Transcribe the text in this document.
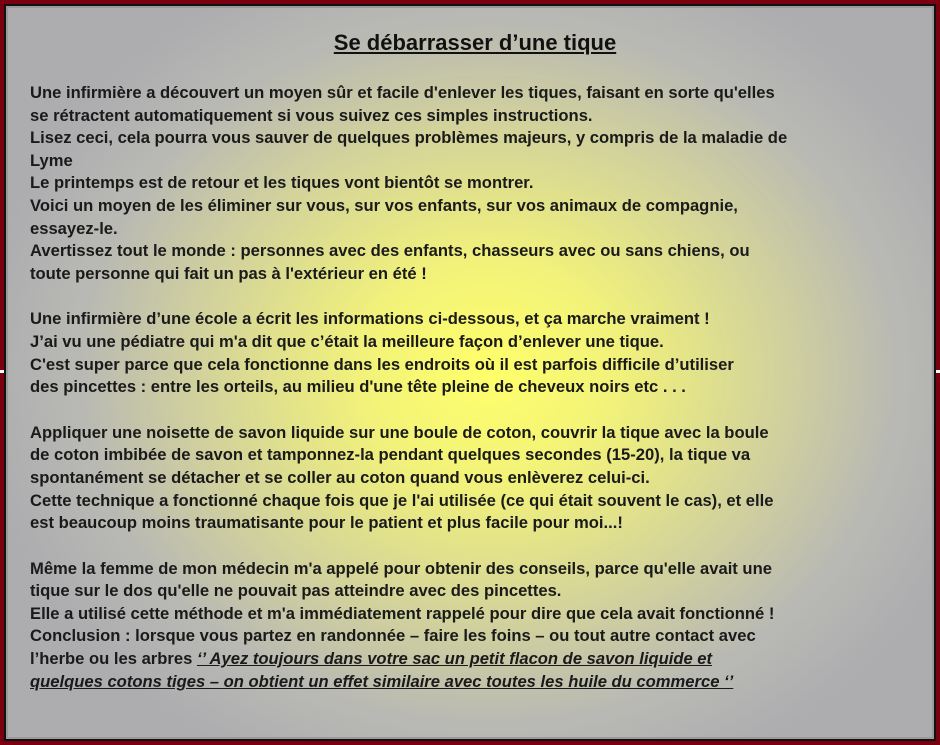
Se débarrasser d’une tique
Une infirmière a découvert un moyen sûr et facile d'enlever les tiques, faisant en sorte qu'elles
se rétractent automatiquement si vous suivez ces simples instructions.
Lisez ceci, cela pourra vous sauver de quelques problèmes majeurs, y compris de la maladie de
Lyme
Le printemps est de retour et les tiques vont bientôt se montrer.
Voici un moyen de les éliminer sur vous, sur vos enfants, sur vos animaux de compagnie,
essayez-le.
Avertissez tout le monde : personnes avec des enfants, chasseurs avec ou sans chiens, ou
toute personne qui fait un pas à l'extérieur en été !
Une infirmière d’une école a écrit les informations ci-dessous, et ça marche vraiment !
J’ai vu une pédiatre qui m'a dit que c’était la meilleure façon d’enlever une tique.
C'est super parce que cela fonctionne dans les endroits où il est parfois difficile d’utiliser
des pincettes : entre les orteils, au milieu d'une tête pleine de cheveux noirs etc . . .
Appliquer une noisette de savon liquide sur une boule de coton, couvrir la tique avec la boule
de coton imbibée de savon et tamponnez-la pendant quelques secondes (15-20), la tique va
spontanément se détacher et se coller au coton quand vous enlèverez celui-ci.
Cette technique a fonctionné chaque fois que je l'ai utilisée (ce qui était souvent le cas), et elle
est beaucoup moins traumatisante pour le patient et plus facile pour moi...!
Même la femme de mon médecin m'a appelé pour obtenir des conseils, parce qu'elle avait une
tique sur le dos qu'elle ne pouvait pas atteindre avec des pincettes.
Elle a utilisé cette méthode et m'a immédiatement rappelé pour dire que cela avait fonctionné !
Conclusion : lorsque vous partez en randonnée – faire les foins – ou tout autre contact avec
l’herbe ou les arbres ‘’ Ayez toujours dans votre sac un petit flacon de savon liquide et
quelques cotons tiges – on obtient un effet similaire avec toutes les huile du commerce ‘’
